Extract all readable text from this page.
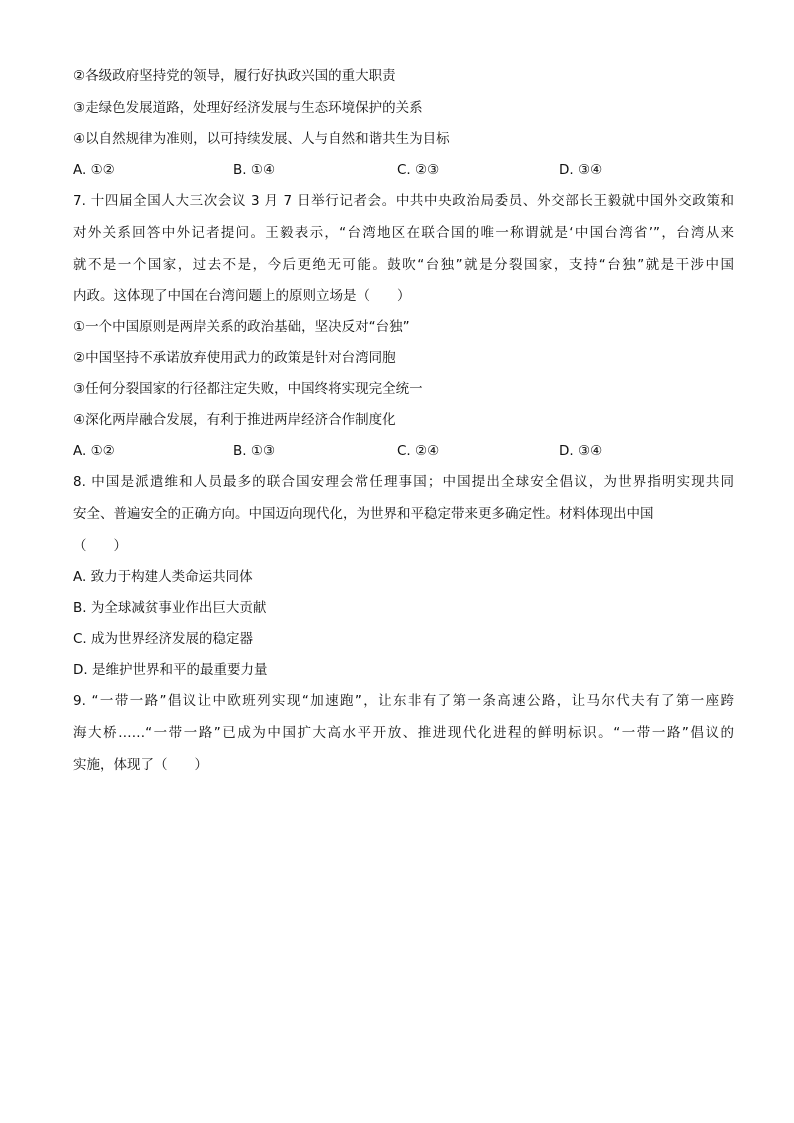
②各级政府坚持党的领导，履行好执政兴国的重大职责
③走绿色发展道路，处理好经济发展与生态环境保护的关系
④以自然规律为准则，以可持续发展、人与自然和谐共生为目标
A. ①②	B. ①④	C. ②③	D. ③④
7. 十四届全国人大三次会议 3 月 7 日举行记者会。中共中央政治局委员、外交部长王毅就中国外交政策和
对外关系回答中外记者提问。王毅表示，“台湾地区在联合国的唯一称谓就是‘中国台湾省’”，台湾从来
就不是一个国家，过去不是，今后更绝无可能。鼓吹“台独”就是分裂国家，支持“台独”就是干涉中国
内政。这体现了中国在台湾问题上的原则立场是（　　）
①一个中国原则是两岸关系的政治基础，坚决反对“台独”
②中国坚持不承诺放弃使用武力的政策是针对台湾同胞
③任何分裂国家的行径都注定失败，中国终将实现完全统一
④深化两岸融合发展，有利于推进两岸经济合作制度化
A. ①②	B. ①③	C. ②④	D. ③④
8. 中国是派遣维和人员最多的联合国安理会常任理事国；中国提出全球安全倡议，为世界指明实现共同
安全、普遍安全的正确方向。中国迈向现代化，为世界和平稳定带来更多确定性。材料体现出中国
（　　）
A. 致力于构建人类命运共同体
B. 为全球减贫事业作出巨大贡献
C. 成为世界经济发展的稳定器
D. 是维护世界和平的最重要力量
9. “一带一路”倡议让中欧班列实现“加速跑”，让东非有了第一条高速公路，让马尔代夫有了第一座跨
海大桥……“一带一路”已成为中国扩大高水平开放、推进现代化进程的鲜明标识。“一带一路”倡议的
实施，体现了（　　）
